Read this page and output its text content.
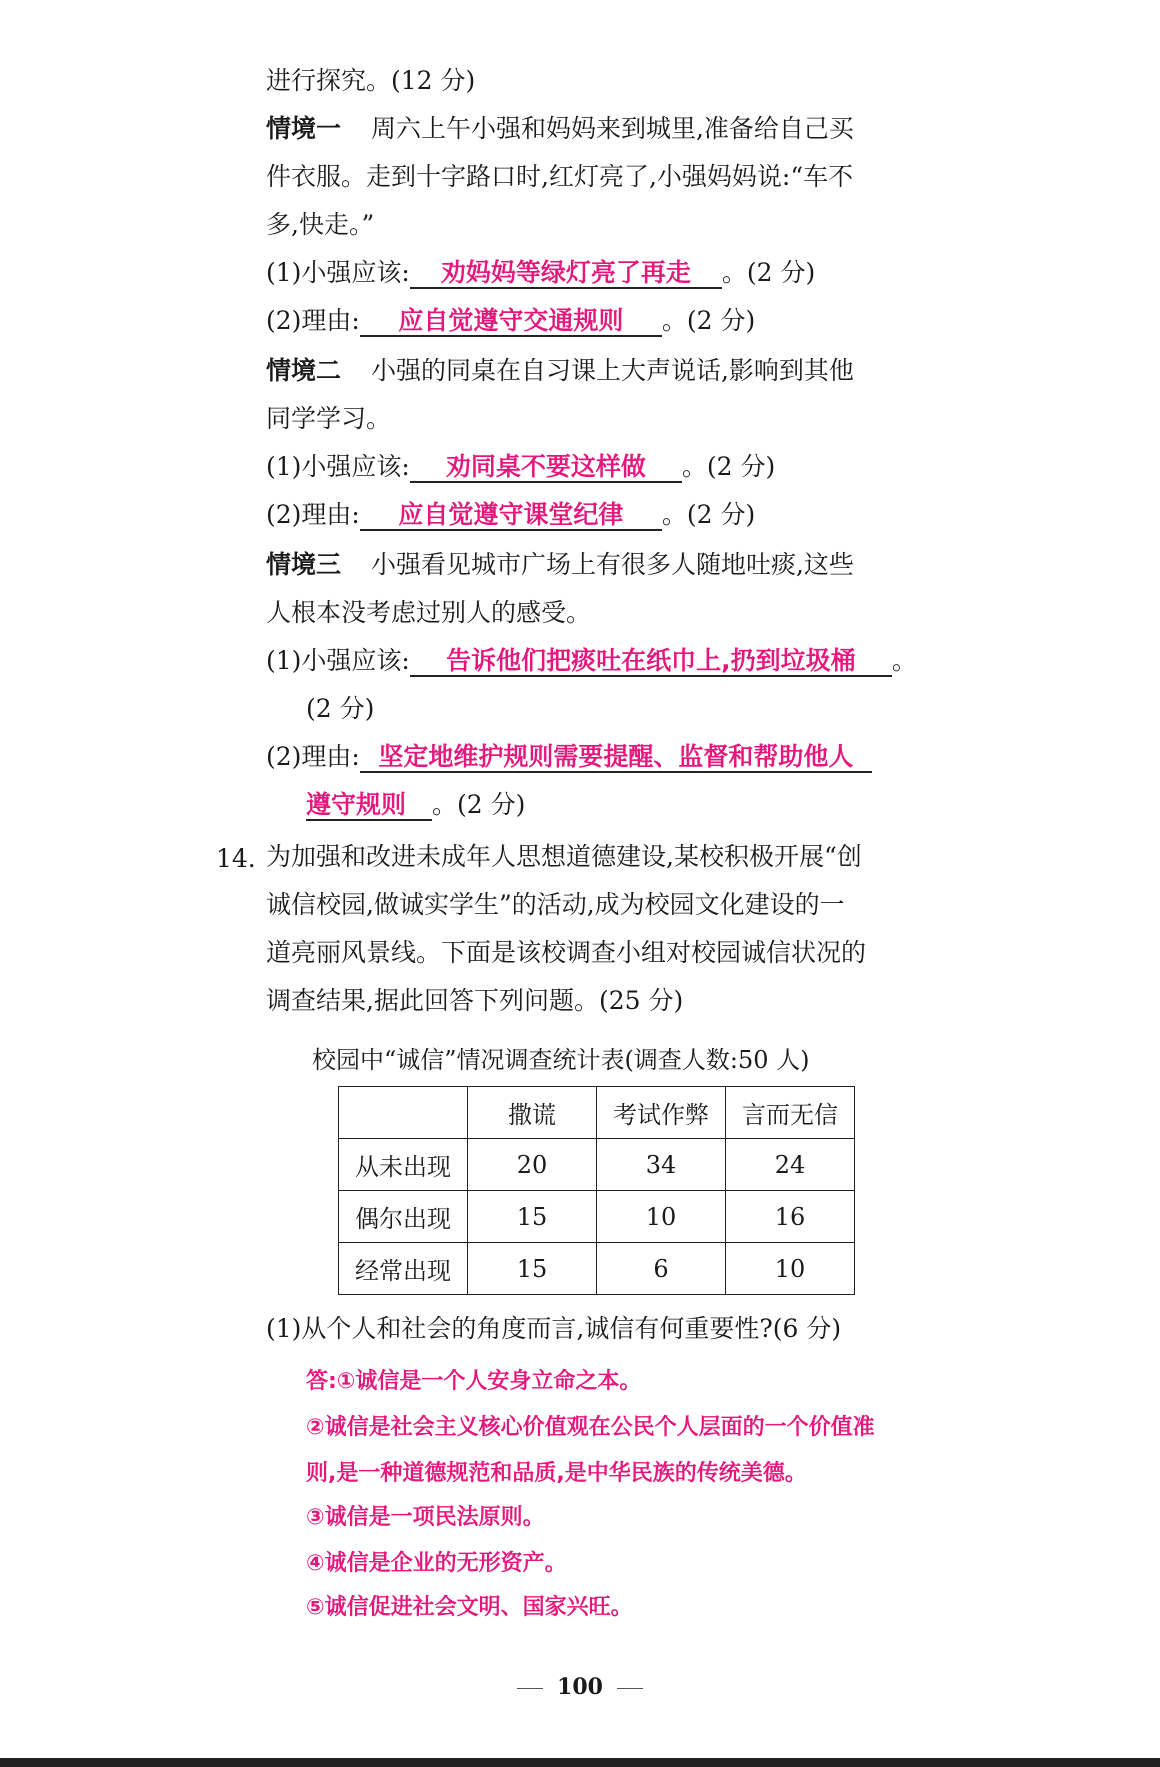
进行探究。(12 分)
情境一 周六上午小强和妈妈来到城里,准备给自己买
件衣服。走到十字路口时,红灯亮了,小强妈妈说:“车不
多,快走。”
(1)小强应该: 劝妈妈等绿灯亮了再走 。(2 分)
(2)理由: 应自觉遵守交通规则 。(2 分)
情境二 小强的同桌在自习课上大声说话,影响到其他
同学学习。
(1)小强应该: 劝同桌不要这样做 。(2 分)
(2)理由: 应自觉遵守课堂纪律 。(2 分)
情境三 小强看见城市广场上有很多人随地吐痰,这些
人根本没考虑过别人的感受。
(1)小强应该: 告诉他们把痰吐在纸巾上,扔到垃圾桶 。
(2 分)
(2)理由: 坚定地维护规则需要提醒、监督和帮助他人
遵守规则 。(2 分)
14. 为加强和改进未成年人思想道德建设,某校积极开展“创
诚信校园,做诚实学生”的活动,成为校园文化建设的一
道亮丽风景线。下面是该校调查小组对校园诚信状况的
调查结果,据此回答下列问题。(25 分)
校园中“诚信”情况调查统计表(调查人数:50 人)
	撒谎	考试作弊	言而无信
从未出现	20	34	24
偶尔出现	15	10	16
经常出现	15	6	10
(1)从个人和社会的角度而言,诚信有何重要性?(6 分)
答:①诚信是一个人安身立命之本。
②诚信是社会主义核心价值观在公民个人层面的一个价值准
则,是一种道德规范和品质,是中华民族的传统美德。
③诚信是一项民法原则。
④诚信是企业的无形资产。
⑤诚信促进社会文明、国家兴旺。
100
